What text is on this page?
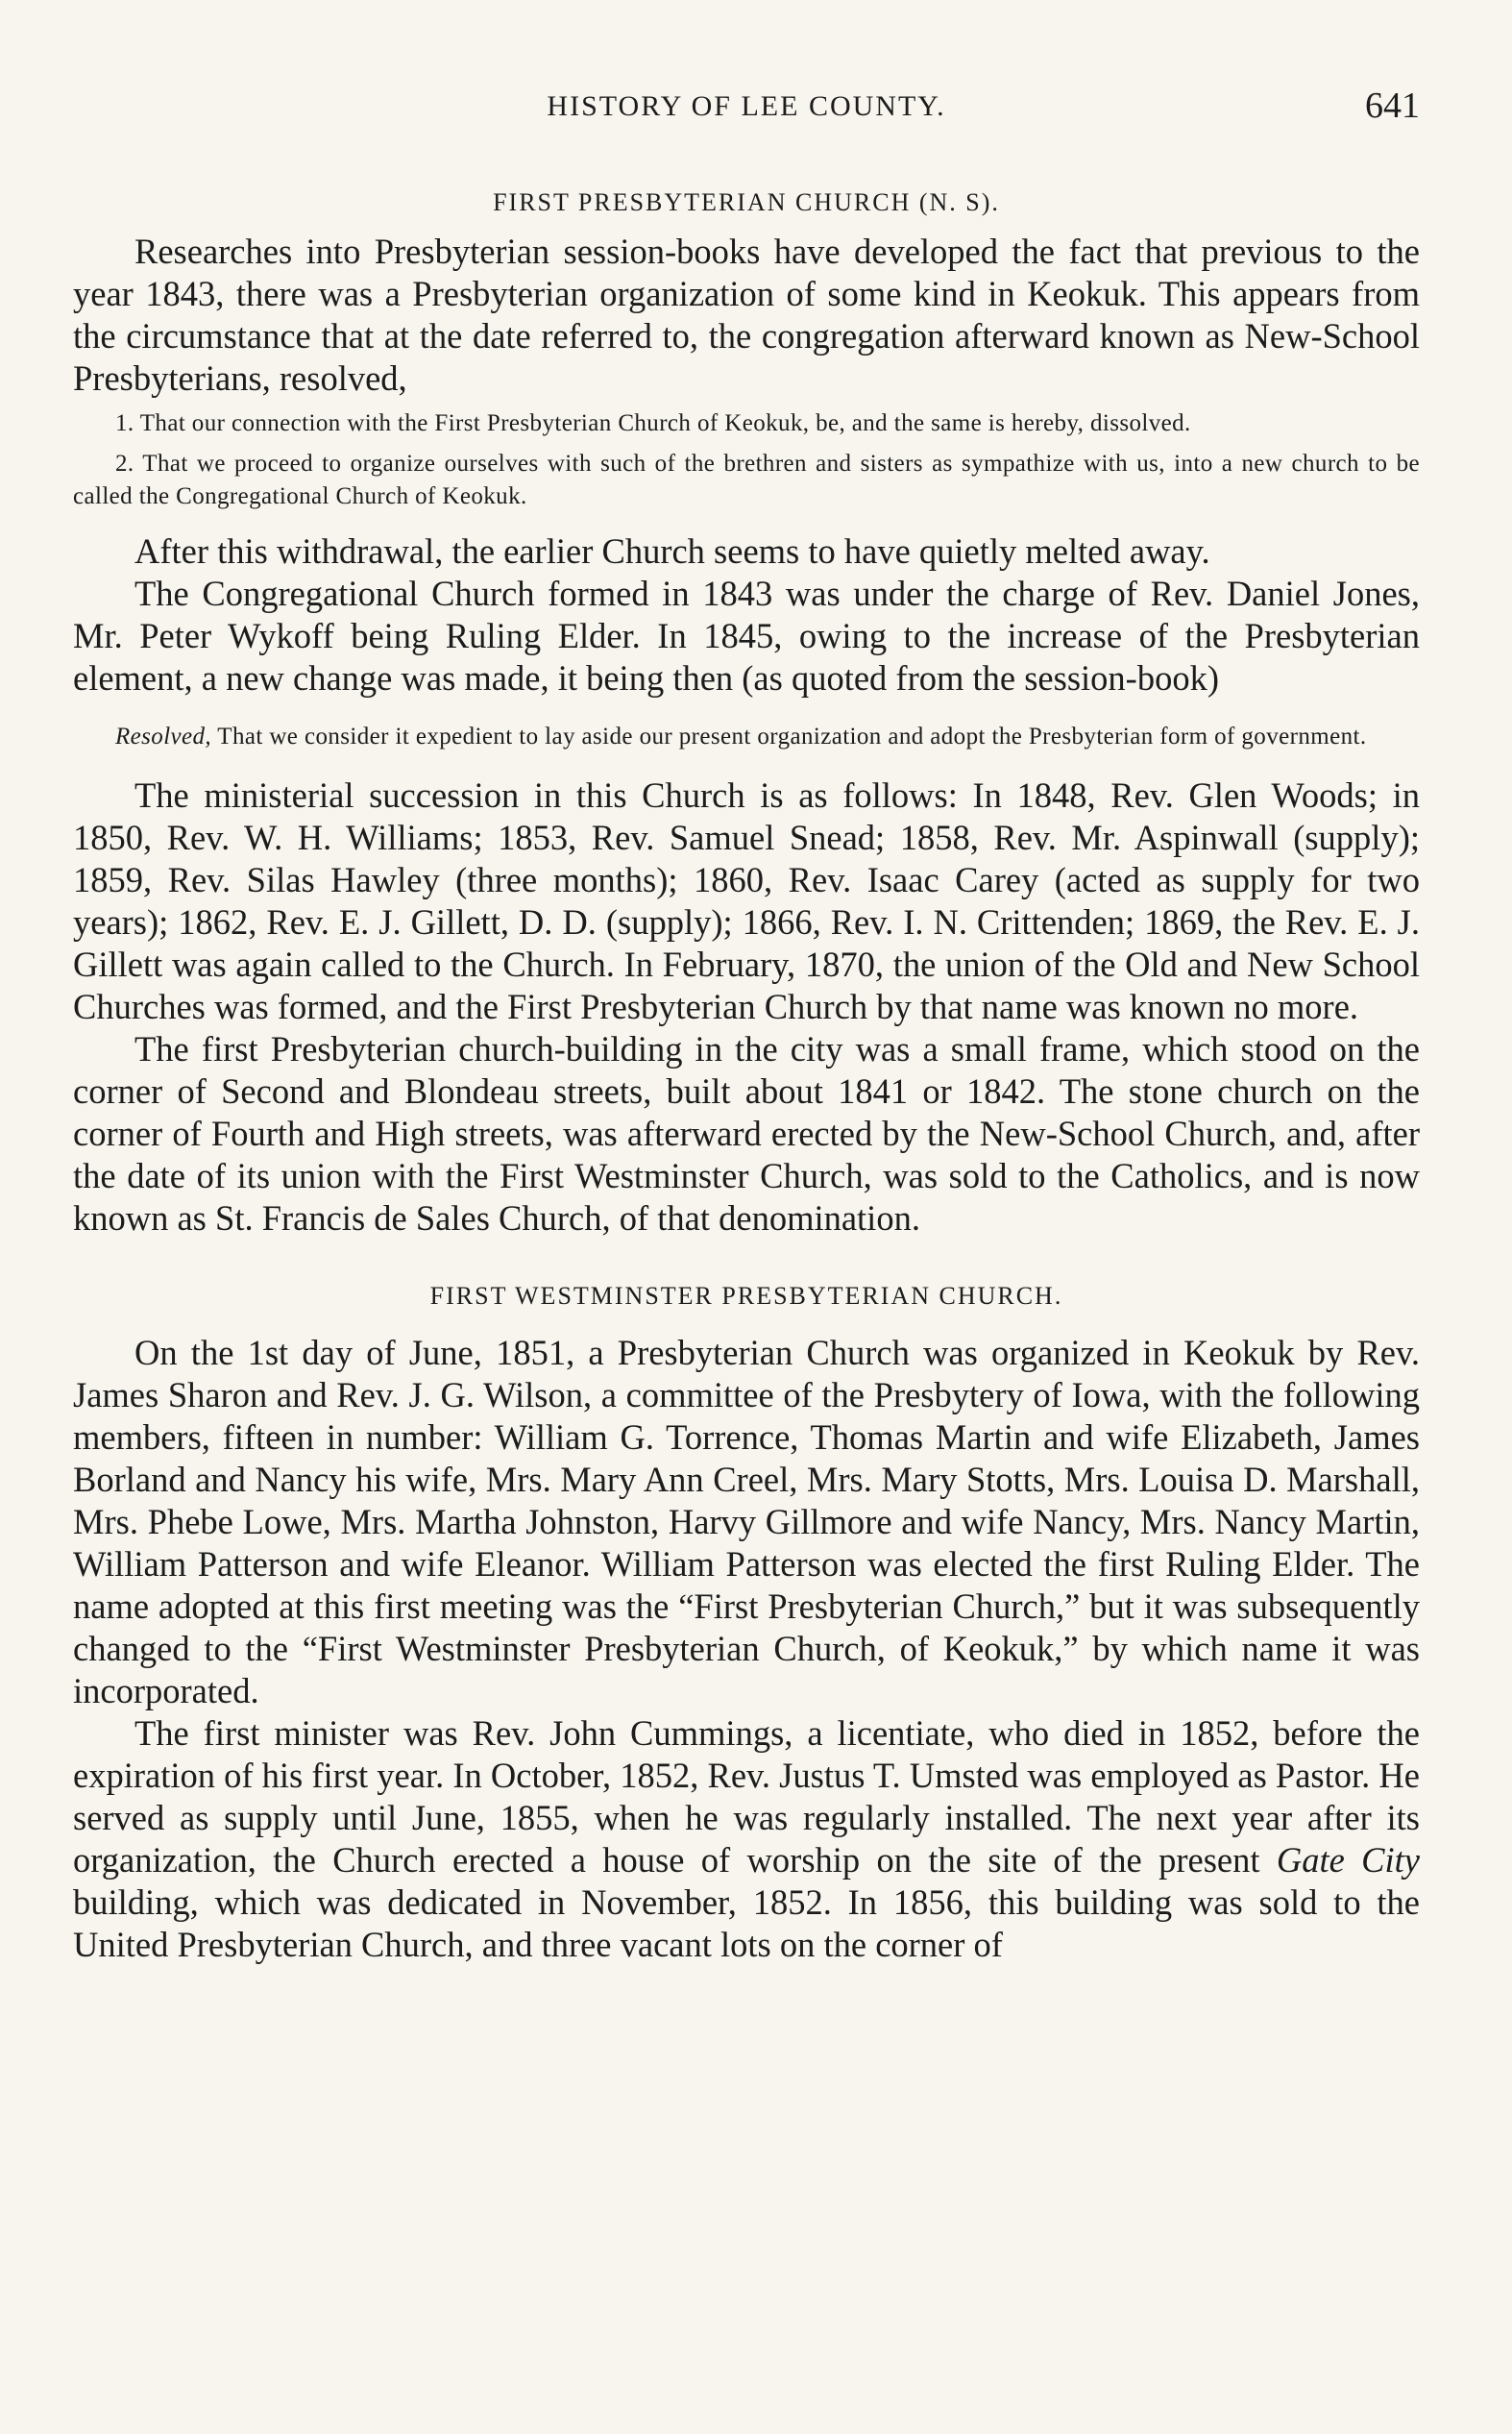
HISTORY OF LEE COUNTY.	641
FIRST PRESBYTERIAN CHURCH (N. S).

Researches into Presbyterian session-books have developed the fact that previous to the year 1843, there was a Presbyterian organization of some kind in Keokuk. This appears from the circumstance that at the date referred to, the congregation afterward known as New-School Presbyterians, resolved,

1. That our connection with the First Presbyterian Church of Keokuk, be, and the same is hereby, dissolved.

2. That we proceed to organize ourselves with such of the brethren and sisters as sympathize with us, into a new church to be called the Congregational Church of Keokuk.

After this withdrawal, the earlier Church seems to have quietly melted away.

The Congregational Church formed in 1843 was under the charge of Rev. Daniel Jones, Mr. Peter Wykoff being Ruling Elder. In 1845, owing to the increase of the Presbyterian element, a new change was made, it being then (as quoted from the session-book)

Resolved, That we consider it expedient to lay aside our present organization and adopt the Presbyterian form of government.

The ministerial succession in this Church is as follows: In 1848, Rev. Glen Woods; in 1850, Rev. W. H. Williams; 1853, Rev. Samuel Snead; 1858, Rev. Mr. Aspinwall (supply); 1859, Rev. Silas Hawley (three months); 1860, Rev. Isaac Carey (acted as supply for two years); 1862, Rev. E. J. Gillett, D. D. (supply); 1866, Rev. I. N. Crittenden; 1869, the Rev. E. J. Gillett was again called to the Church. In February, 1870, the union of the Old and New School Churches was formed, and the First Presbyterian Church by that name was known no more.

The first Presbyterian church-building in the city was a small frame, which stood on the corner of Second and Blondeau streets, built about 1841 or 1842. The stone church on the corner of Fourth and High streets, was afterward erected by the New-School Church, and, after the date of its union with the First Westminster Church, was sold to the Catholics, and is now known as St. Francis de Sales Church, of that denomination.

FIRST WESTMINSTER PRESBYTERIAN CHURCH.

On the 1st day of June, 1851, a Presbyterian Church was organized in Keokuk by Rev. James Sharon and Rev. J. G. Wilson, a committee of the Presbytery of Iowa, with the following members, fifteen in number: William G. Torrence, Thomas Martin and wife Elizabeth, James Borland and Nancy his wife, Mrs. Mary Ann Creel, Mrs. Mary Stotts, Mrs. Louisa D. Marshall, Mrs. Phebe Lowe, Mrs. Martha Johnston, Harvy Gillmore and wife Nancy, Mrs. Nancy Martin, William Patterson and wife Eleanor. William Patterson was elected the first Ruling Elder. The name adopted at this first meeting was the “First Presbyterian Church,” but it was subsequently changed to the “First Westminster Presbyterian Church, of Keokuk,” by which name it was incorporated.

The first minister was Rev. John Cummings, a licentiate, who died in 1852, before the expiration of his first year. In October, 1852, Rev. Justus T. Umsted was employed as Pastor. He served as supply until June, 1855, when he was regularly installed. The next year after its organization, the Church erected a house of worship on the site of the present Gate City building, which was dedicated in November, 1852. In 1856, this building was sold to the United Presbyterian Church, and three vacant lots on the corner of
